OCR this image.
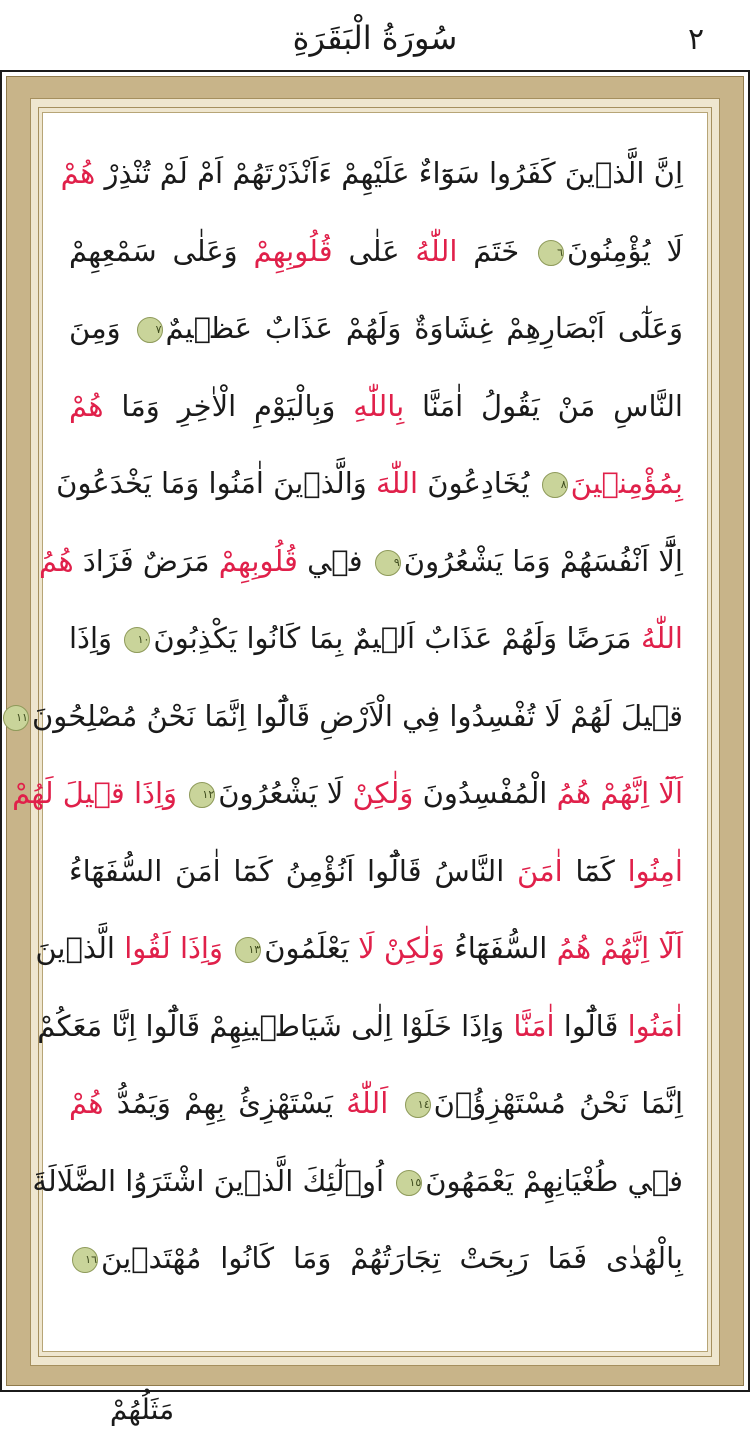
سُورَةُ الْبَقَرَةِ	٢
اِنَّ الَّذ۪ينَ كَفَرُوا سَوَٓاءٌ عَلَيْهِمْ ءَاَنْذَرْتَهُمْ اَمْ لَمْ تُنْذِرْ هُمْ
لَا يُؤْمِنُونَ٦ خَتَمَ اللّٰهُ عَلٰى قُلُوبِهِمْ وَعَلٰى سَمْعِهِمْ
وَعَلٰٓى اَبْصَارِهِمْ غِشَاوَةٌ وَلَهُمْ عَذَابٌ عَظ۪يمٌ٧ وَمِنَ
النَّاسِ مَنْ يَقُولُ اٰمَنَّا بِاللّٰهِ وَبِالْيَوْمِ الْاٰخِرِ وَمَا هُمْ
بِمُؤْمِن۪ينَ٨ يُخَادِعُونَ اللّٰهَ وَالَّذ۪ينَ اٰمَنُوا وَمَا يَخْدَعُونَ
اِلَّٓا اَنْفُسَهُمْ وَمَا يَشْعُرُونَ٩ ف۪ي قُلُوبِهِمْ مَرَضٌ فَزَادَ هُمُ
اللّٰهُ مَرَضًا وَلَهُمْ عَذَابٌ اَل۪يمٌ بِمَا كَانُوا يَكْذِبُونَ١٠ وَاِذَا
ق۪يلَ لَهُمْ لَا تُفْسِدُوا فِي الْاَرْضِ قَالُٓوا اِنَّمَا نَحْنُ مُصْلِحُونَ١١
اَلَٓا اِنَّهُمْ هُمُ الْمُفْسِدُونَ وَلٰكِنْ لَا يَشْعُرُونَ١٢ وَاِذَا ق۪يلَ لَهُمْ
اٰمِنُوا كَمَٓا اٰمَنَ النَّاسُ قَالُٓوا اَنُؤْمِنُ كَمَٓا اٰمَنَ السُّفَهَٓاءُ
اَلَٓا اِنَّهُمْ هُمُ السُّفَهَٓاءُ وَلٰكِنْ لَا يَعْلَمُونَ١٣ وَاِذَا لَقُوا الَّذ۪ينَ
اٰمَنُوا قَالُٓوا اٰمَنَّا وَاِذَا خَلَوْا اِلٰى شَيَاط۪ينِهِمْ قَالُٓوا اِنَّا مَعَكُمْ
اِنَّمَا نَحْنُ مُسْتَهْزِؤُ۫نَ١٤ اَللّٰهُ يَسْتَهْزِئُ بِهِمْ وَيَمُدُّ هُمْ
ف۪ي طُغْيَانِهِمْ يَعْمَهُونَ١٥ اُو۬لٰٓئِكَ الَّذ۪ينَ اشْتَرَوُا الضَّلَالَةَ
بِالْهُدٰى فَمَا رَبِحَتْ تِجَارَتُهُمْ وَمَا كَانُوا مُهْتَد۪ينَ١٦
مَثَلُهُمْ
